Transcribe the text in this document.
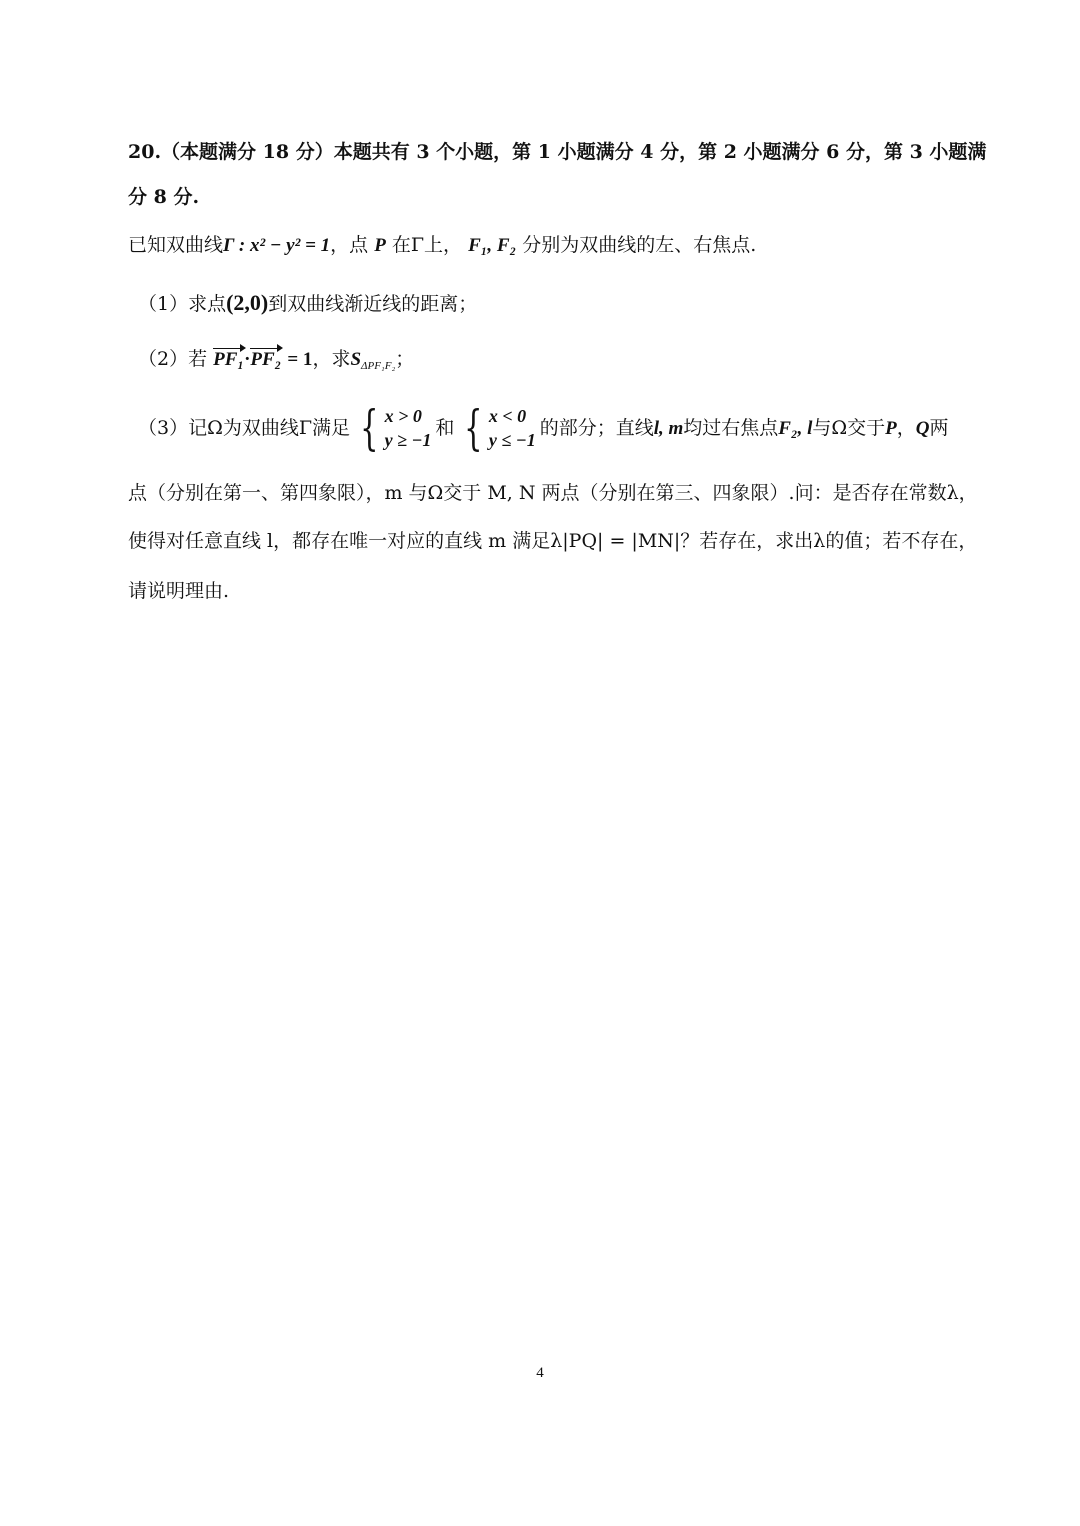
20.（本题满分 18 分）本题共有 3 个小题，第 1 小题满分 4 分，第 2 小题满分 6 分，第 3 小题满
分 8 分.
已知双曲线Γ : x² − y² = 1，点 P 在Γ上， F₁, F₂ 分别为双曲线的左、右焦点.
（1）求点(2,0)到双曲线渐近线的距离；
（2）若 PF₁·PF₂ = 1，求$S_{\Delta PF_1F_2}$；
（3） 记Ω为双曲线Γ满足 { x > 0
y ≥ −1
和 { x < 0
y ≤ −1
的部分；直线 l, m 均过右焦点 F₂, l 与Ω交于 P ， Q 两
点（分别在第一、第四象限），m 与Ω交于 M, N 两点（分别在第三、四象限）.问：是否存在常数λ，
使得对任意直线 l，都存在唯一对应的直线 m 满足λ|PQ| = |MN|？若存在，求出λ的值；若不存在，
请说明理由.
4
